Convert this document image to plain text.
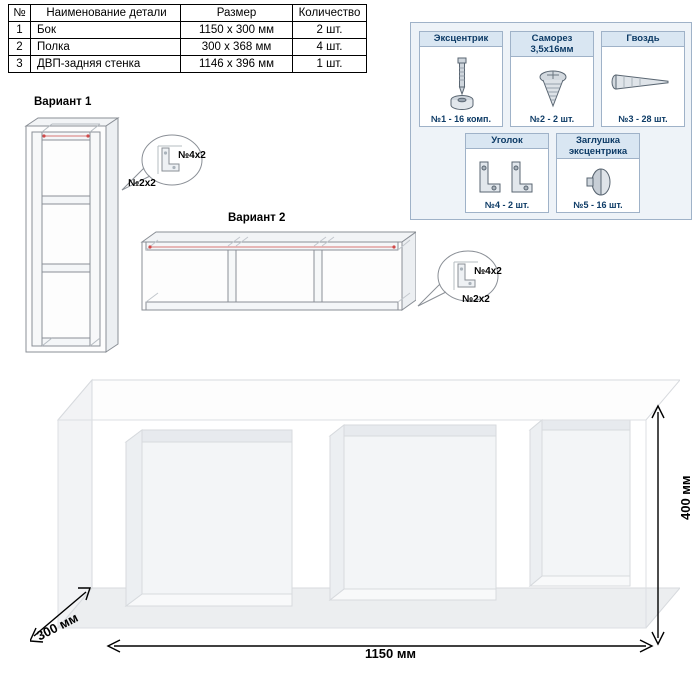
№	Наименование детали	Размер	Количество
1	Бок	1150 x 300 мм	2 шт.
2	Полка	300 x 368 мм	4 шт.
3	ДВП-задняя стенка	1146 x 396 мм	1 шт.
Эксцентрик
№1 - 16 комп.
Саморез
3,5x16мм
№2 - 2 шт.
Гвоздь
№3 - 28 шт.
Уголок
№4 - 2 шт.
Заглушка
эксцентрика
№5 - 16 шт.
Вариант 1
№4х2
№2х2
Вариант 2
№4х2
№2х2
400 мм
1150 мм
300 мм
